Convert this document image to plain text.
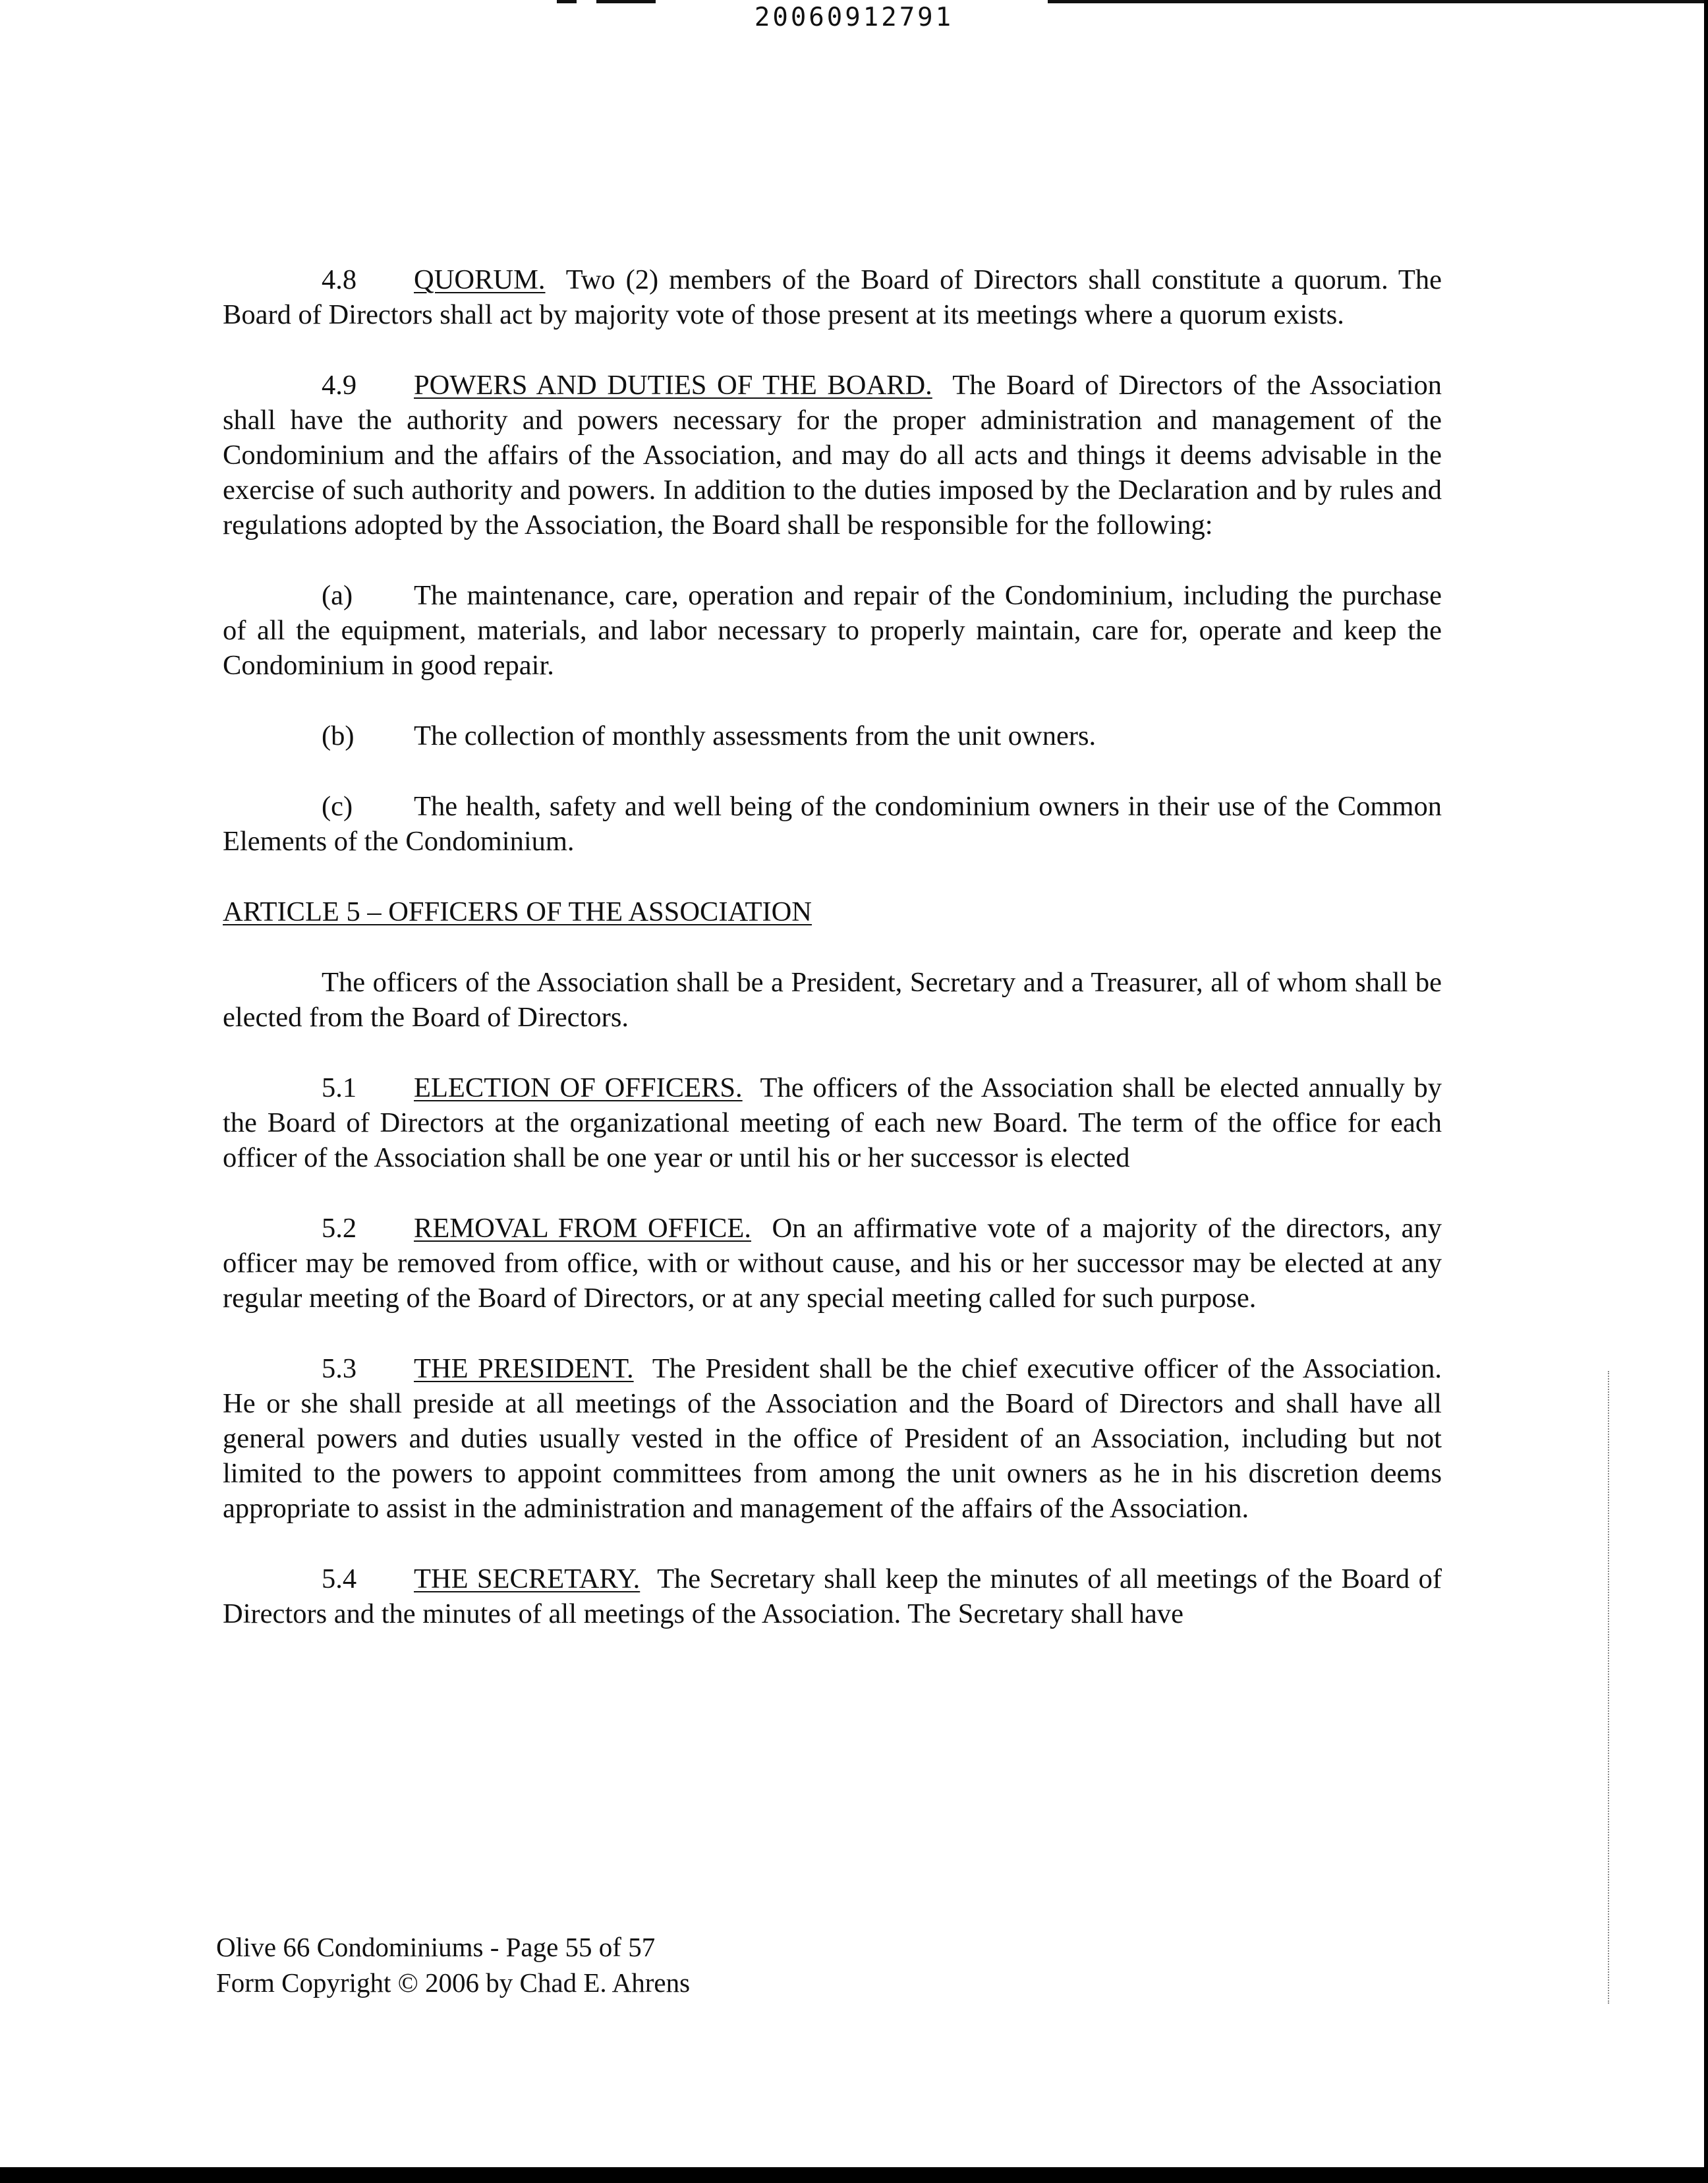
20060912791

4.8 QUORUM. Two (2) members of the Board of Directors shall constitute a quorum. The Board of Directors shall act by majority vote of those present at its meetings where a quorum exists.

4.9 POWERS AND DUTIES OF THE BOARD. The Board of Directors of the Association shall have the authority and powers necessary for the proper administration and management of the Condominium and the affairs of the Association, and may do all acts and things it deems advisable in the exercise of such authority and powers. In addition to the duties imposed by the Declaration and by rules and regulations adopted by the Association, the Board shall be responsible for the following:

(a) The maintenance, care, operation and repair of the Condominium, including the purchase of all the equipment, materials, and labor necessary to properly maintain, care for, operate and keep the Condominium in good repair.

(b) The collection of monthly assessments from the unit owners.

(c) The health, safety and well being of the condominium owners in their use of the Common Elements of the Condominium.

ARTICLE 5 – OFFICERS OF THE ASSOCIATION

The officers of the Association shall be a President, Secretary and a Treasurer, all of whom shall be elected from the Board of Directors.

5.1 ELECTION OF OFFICERS. The officers of the Association shall be elected annually by the Board of Directors at the organizational meeting of each new Board. The term of the office for each officer of the Association shall be one year or until his or her successor is elected

5.2 REMOVAL FROM OFFICE. On an affirmative vote of a majority of the directors, any officer may be removed from office, with or without cause, and his or her successor may be elected at any regular meeting of the Board of Directors, or at any special meeting called for such purpose.

5.3 THE PRESIDENT. The President shall be the chief executive officer of the Association. He or she shall preside at all meetings of the Association and the Board of Directors and shall have all general powers and duties usually vested in the office of President of an Association, including but not limited to the powers to appoint committees from among the unit owners as he in his discretion deems appropriate to assist in the administration and management of the affairs of the Association.

5.4 THE SECRETARY. The Secretary shall keep the minutes of all meetings of the Board of Directors and the minutes of all meetings of the Association. The Secretary shall have

Olive 66 Condominiums - Page 55 of 57
Form Copyright © 2006 by Chad E. Ahrens
